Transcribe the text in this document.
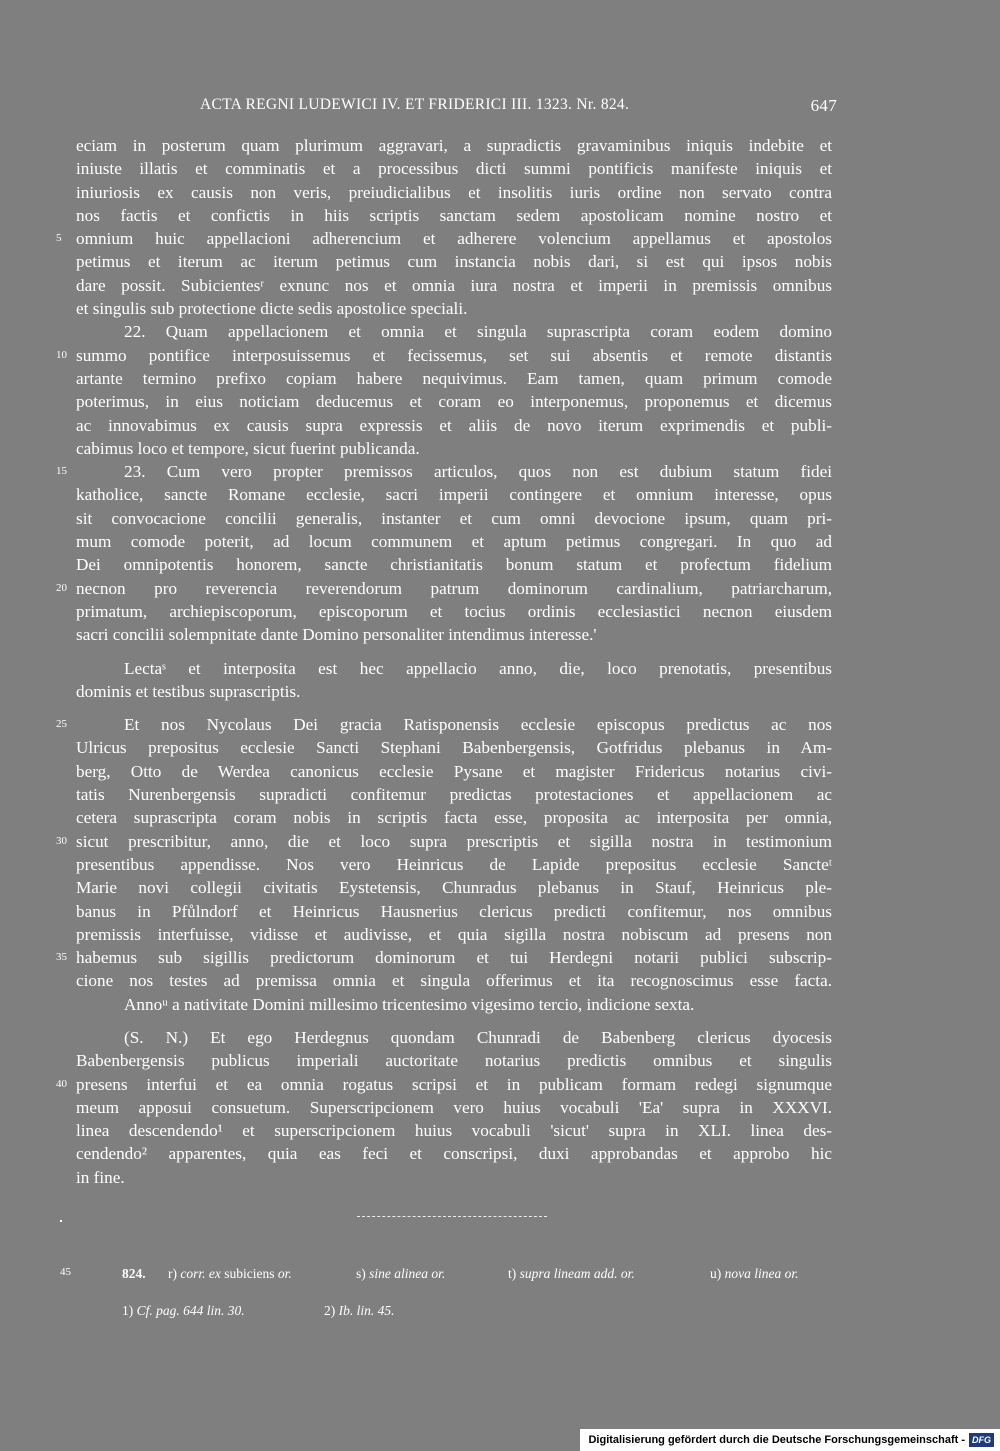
ACTA REGNI LUDEWICI IV. ET FRIDERICI III. 1323. Nr. 824.	647
eciam in posterum quam plurimum aggravari, a supradictis gravaminibus iniquis indebite et
iniuste illatis et comminatis et a processibus dicti summi pontificis manifeste iniquis et
iniuriosis ex causis non veris, preiudicialibus et insolitis iuris ordine non servato contra
nos factis et confictis in hiis scriptis sanctam sedem apostolicam nomine nostro et
5 omnium huic appellacioni adherencium et adherere volencium appellamus et apostolos
petimus et iterum ac iterum petimus cum instancia nobis dari, si est qui ipsos nobis
dare possit. Subicientesʳ exnunc nos et omnia iura nostra et imperii in premissis omnibus
et singulis sub protectione dicte sedis apostolice speciali.
22. Quam appellacionem et omnia et singula suprascripta coram eodem domino
10 summo pontifice interposuissemus et fecissemus, set sui absentis et remote distantis
artante termino prefixo copiam habere nequivimus. Eam tamen, quam primum comode
poterimus, in eius noticiam deducemus et coram eo interponemus, proponemus et dicemus
ac innovabimus ex causis supra expressis et aliis de novo iterum exprimendis et publi-
cabimus loco et tempore, sicut fuerint publicanda.
15	23. Cum vero propter premissos articulos, quos non est dubium statum fidei
katholice, sancte Romane ecclesie, sacri imperii contingere et omnium interesse, opus
sit convocacione concilii generalis, instanter et cum omni devocione ipsum, quam pri-
mum comode poterit, ad locum communem et aptum petimus congregari. In quo ad
Dei omnipotentis honorem, sancte christianitatis bonum statum et profectum fidelium
20 necnon pro reverencia reverendorum patrum dominorum cardinalium, patriarcharum,
primatum, archiepiscoporum, episcoporum et tocius ordinis ecclesiastici necnon eiusdem
sacri concilii solempnitate dante Domino personaliter intendimus interesse.'
Lectaˢ et interposita est hec appellacio anno, die, loco prenotatis, presentibus
dominis et testibus suprascriptis.
25	Et nos Nycolaus Dei gracia Ratisponensis ecclesie episcopus predictus ac nos
Ulricus prepositus ecclesie Sancti Stephani Babenbergensis, Gotfridus plebanus in Am-
berg, Otto de Werdea canonicus ecclesie Pysane et magister Fridericus notarius civi-
tatis Nurenbergensis supradicti confitemur predictas protestaciones et appellacionem ac
cetera suprascripta coram nobis in scriptis facta esse, proposita ac interposita per omnia,
30 sicut prescribitur, anno, die et loco supra prescriptis et sigilla nostra in testimonium
presentibus appendisse. Nos vero Heinricus de Lapide prepositus ecclesie Sancteᵗ
Marie novi collegii civitatis Eystetensis, Chunradus plebanus in Stauf, Heinricus ple-
banus in Pfůlndorf et Heinricus Hausnerius clericus predicti confitemur, nos omnibus
premissis interfuisse, vidisse et audivisse, et quia sigilla nostra nobiscum ad presens non
35 habemus sub sigillis predictorum dominorum et tui Herdegni notarii publici subscrip-
cione nos testes ad premissa omnia et singula offerimus et ita recognoscimus esse facta.
Annoᵘ a nativitate Domini millesimo tricentesimo vigesimo tercio, indicione sexta.
(S. N.) Et ego Herdegnus quondam Chunradi de Babenberg clericus dyocesis
Babenbergensis publicus imperiali auctoritate notarius predictis omnibus et singulis
40 presens interfui et ea omnia rogatus scripsi et in publicam formam redegi signumque
meum apposui consuetum. Superscripcionem vero huius vocabuli 'Ea' supra in XXXVI.
linea descendendo¹ et superscripcionem huius vocabuli 'sicut' supra in XLI. linea des-
cendendo² apparentes, quia eas feci et conscripsi, duxi approbandas et approbo hic
in fine.
45	824. r) corr. ex subiciens or.	s) sine alinea or.	t) supra lineam add. or.	u) nova linea or.
1) Cf. pag. 644 lin. 30.	2) Ib. lin. 45.
Digitalisierung gefördert durch die Deutsche Forschungsgemeinschaft - DFG
